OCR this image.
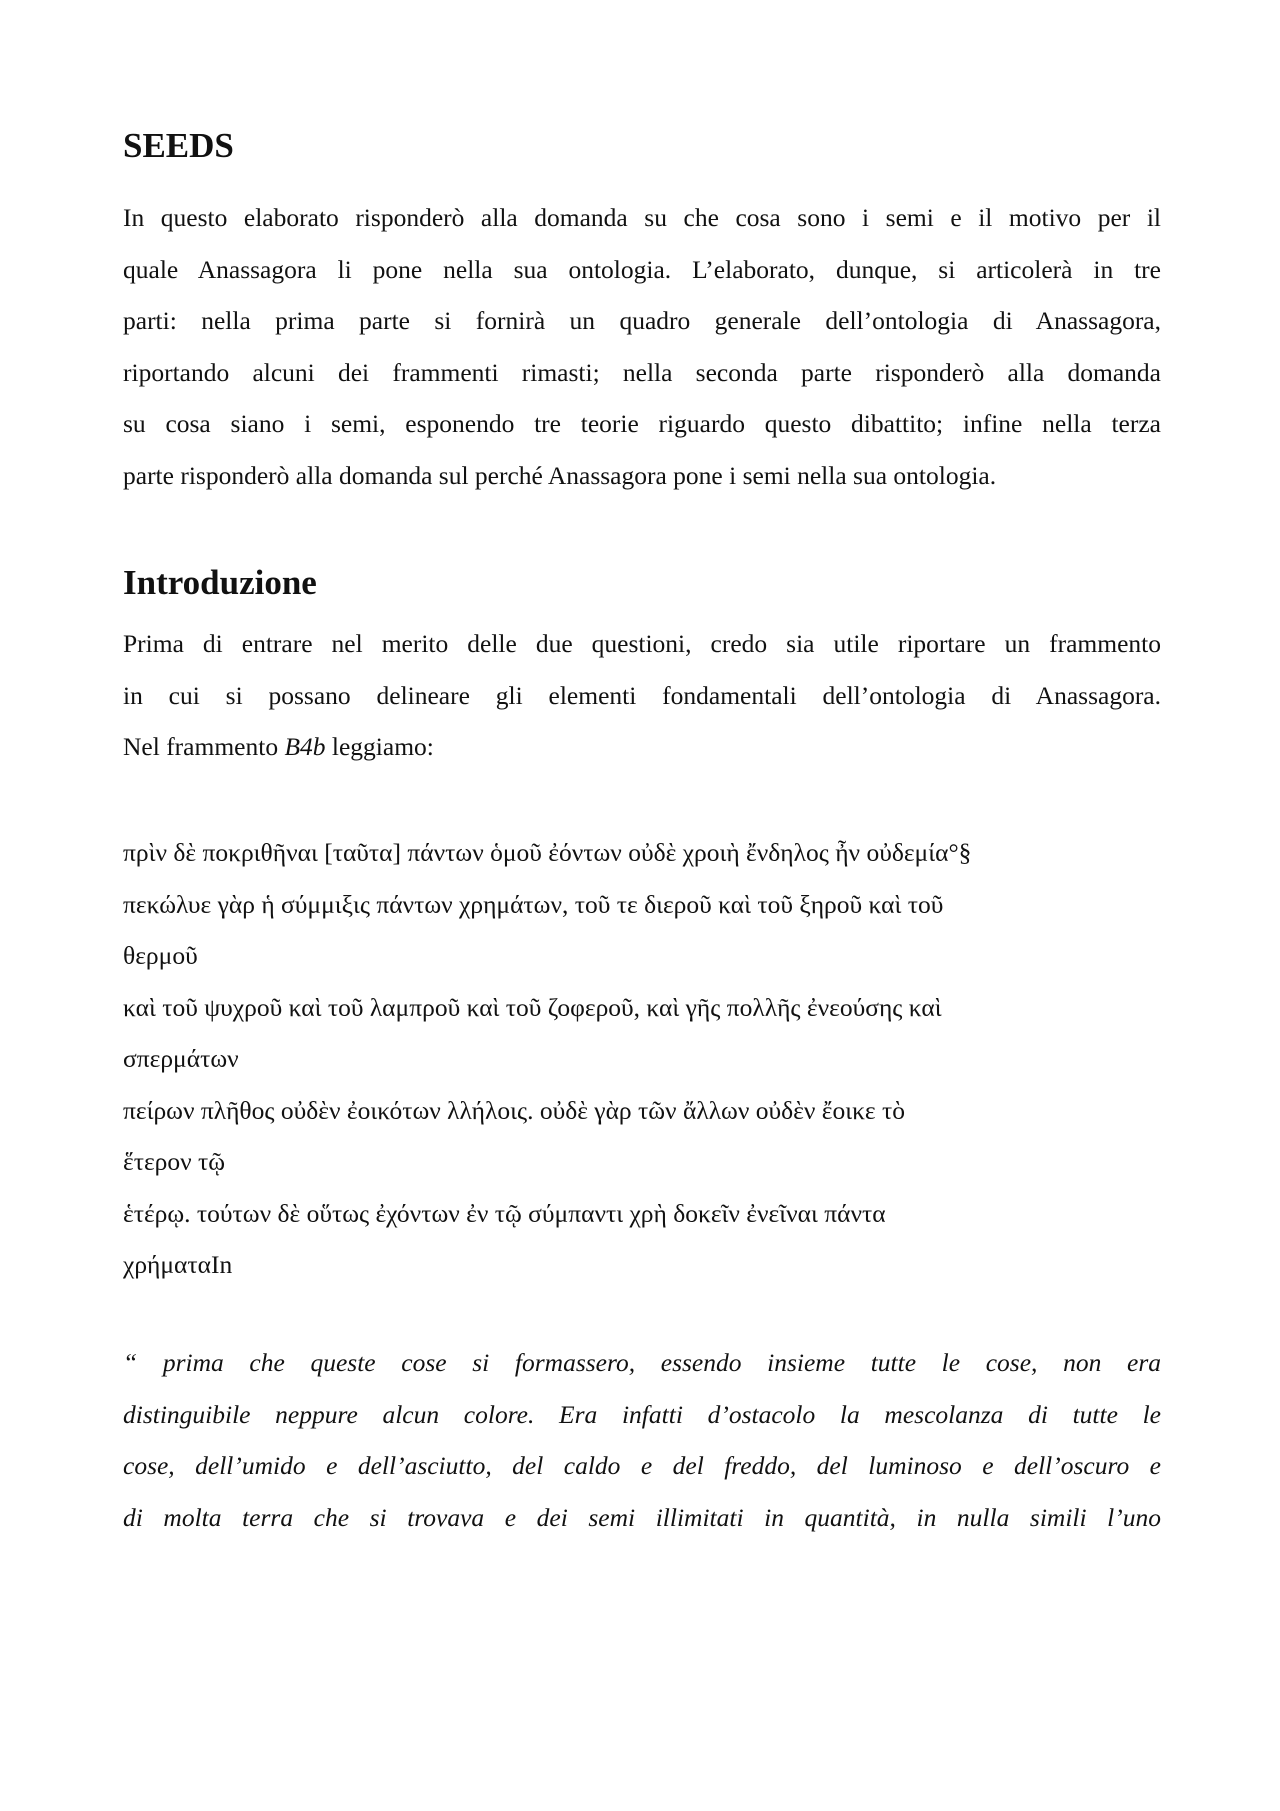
SEEDS
In questo elaborato risponderò alla domanda su che cosa sono i semi e il motivo per il
quale Anassagora li pone nella sua ontologia. L’elaborato, dunque, si articolerà in tre
parti: nella prima parte si fornirà un quadro generale dell’ontologia di Anassagora,
riportando alcuni dei frammenti rimasti; nella seconda parte risponderò alla domanda
su cosa siano i semi, esponendo tre teorie riguardo questo dibattito; infine nella terza
parte risponderò alla domanda sul perché Anassagora pone i semi nella sua ontologia.
Introduzione
Prima di entrare nel merito delle due questioni, credo sia utile riportare un frammento
in cui si possano delineare gli elementi fondamentali dell’ontologia di Anassagora.
Nel frammento B4b leggiamo:
πρὶν δὲ ποκριθῆναι [ταῦτα] πάντων ὁμοῦ ἐόντων οὐδὲ χροιὴ ἔνδηλος ἦν οὐδεμία°§
πεκώλυε γὰρ ἡ σύμμιξις πάντων χρημάτων, τοῦ τε διεροῦ καὶ τοῦ ξηροῦ καὶ τοῦ
θερμοῦ
καὶ τοῦ ψυχροῦ καὶ τοῦ λαμπροῦ καὶ τοῦ ζοφεροῦ, καὶ γῆς πολλῆς ἐνεούσης καὶ
σπερμάτων
πείρων πλῆθος οὐδὲν ἐοικότων λλήλοις. οὐδὲ γὰρ τῶν ἄλλων οὐδὲν ἔοικε τὸ
ἕτερον τῷ
ἑτέρῳ. τούτων δὲ οὕτως ἐχόντων ἐν τῷ σύμπαντι χρὴ δοκεῖν ἐνεῖναι πάντα
χρήματαIn
“ prima che queste cose si formassero, essendo insieme tutte le cose, non era
distinguibile neppure alcun colore. Era infatti d’ostacolo la mescolanza di tutte le
cose, dell’umido e dell’asciutto, del caldo e del freddo, del luminoso e dell’oscuro e
di molta terra che si trovava e dei semi illimitati in quantità, in nulla simili l’uno
